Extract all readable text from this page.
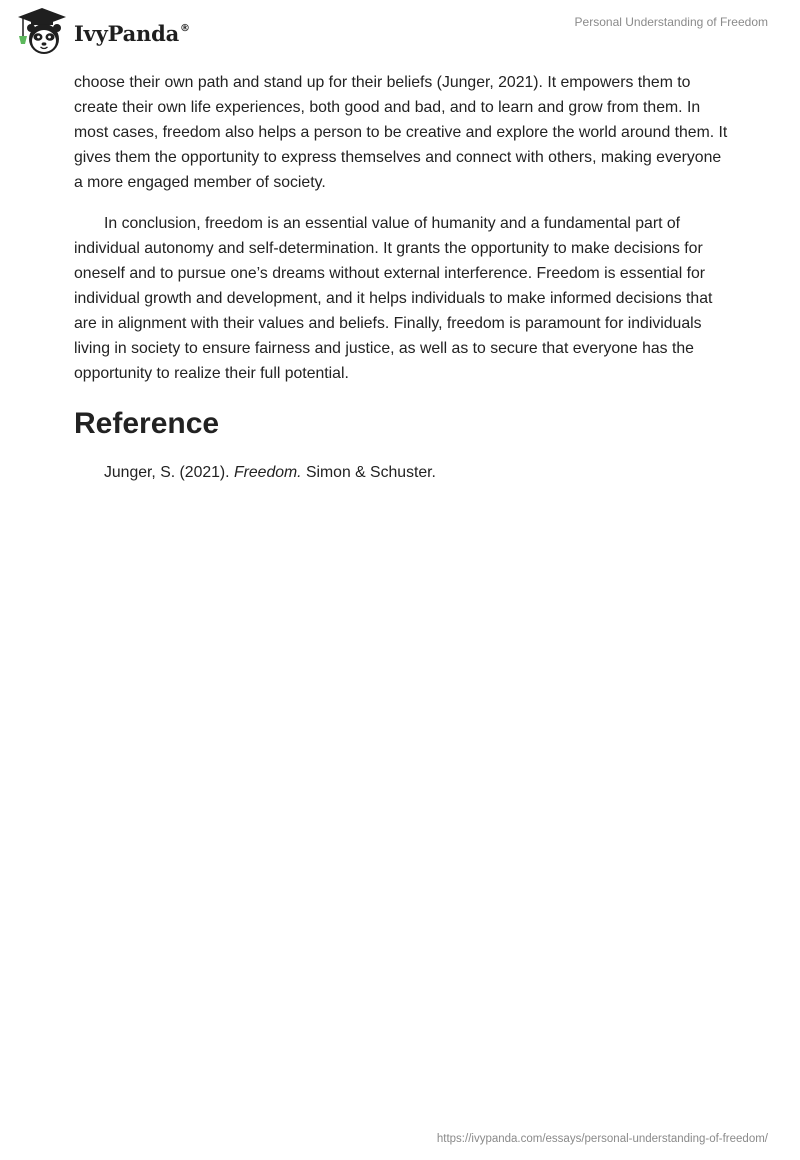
IvyPanda®	Personal Understanding of Freedom

choose their own path and stand up for their beliefs (Junger, 2021). It empowers them to create their own life experiences, both good and bad, and to learn and grow from them. In most cases, freedom also helps a person to be creative and explore the world around them. It gives them the opportunity to express themselves and connect with others, making everyone a more engaged member of society.

In conclusion, freedom is an essential value of humanity and a fundamental part of individual autonomy and self-determination. It grants the opportunity to make decisions for oneself and to pursue one’s dreams without external interference. Freedom is essential for individual growth and development, and it helps individuals to make informed decisions that are in alignment with their values and beliefs. Finally, freedom is paramount for individuals living in society to ensure fairness and justice, as well as to secure that everyone has the opportunity to realize their full potential.

Reference

Junger, S. (2021). Freedom. Simon & Schuster.

https://ivypanda.com/essays/personal-understanding-of-freedom/
